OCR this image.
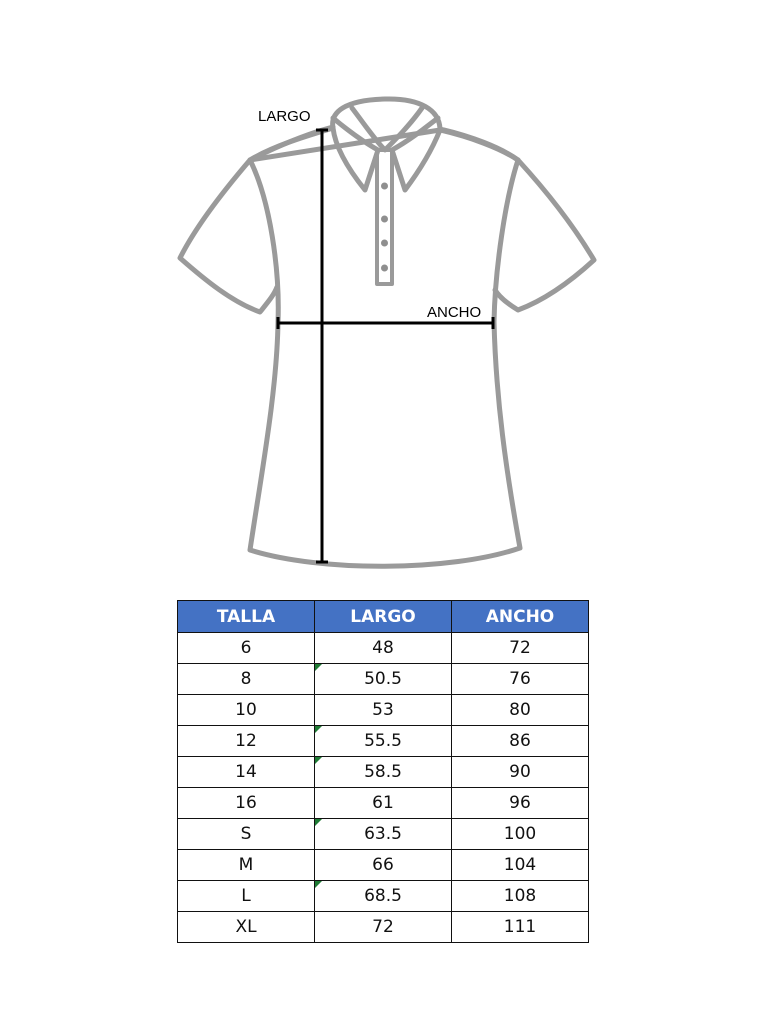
LARGO
ANCHO
TALLA	LARGO	ANCHO
6	48	72
8	50.5	76
10	53	80
12	55.5	86
14	58.5	90
16	61	96
S	63.5	100
M	66	104
L	68.5	108
XL	72	111
